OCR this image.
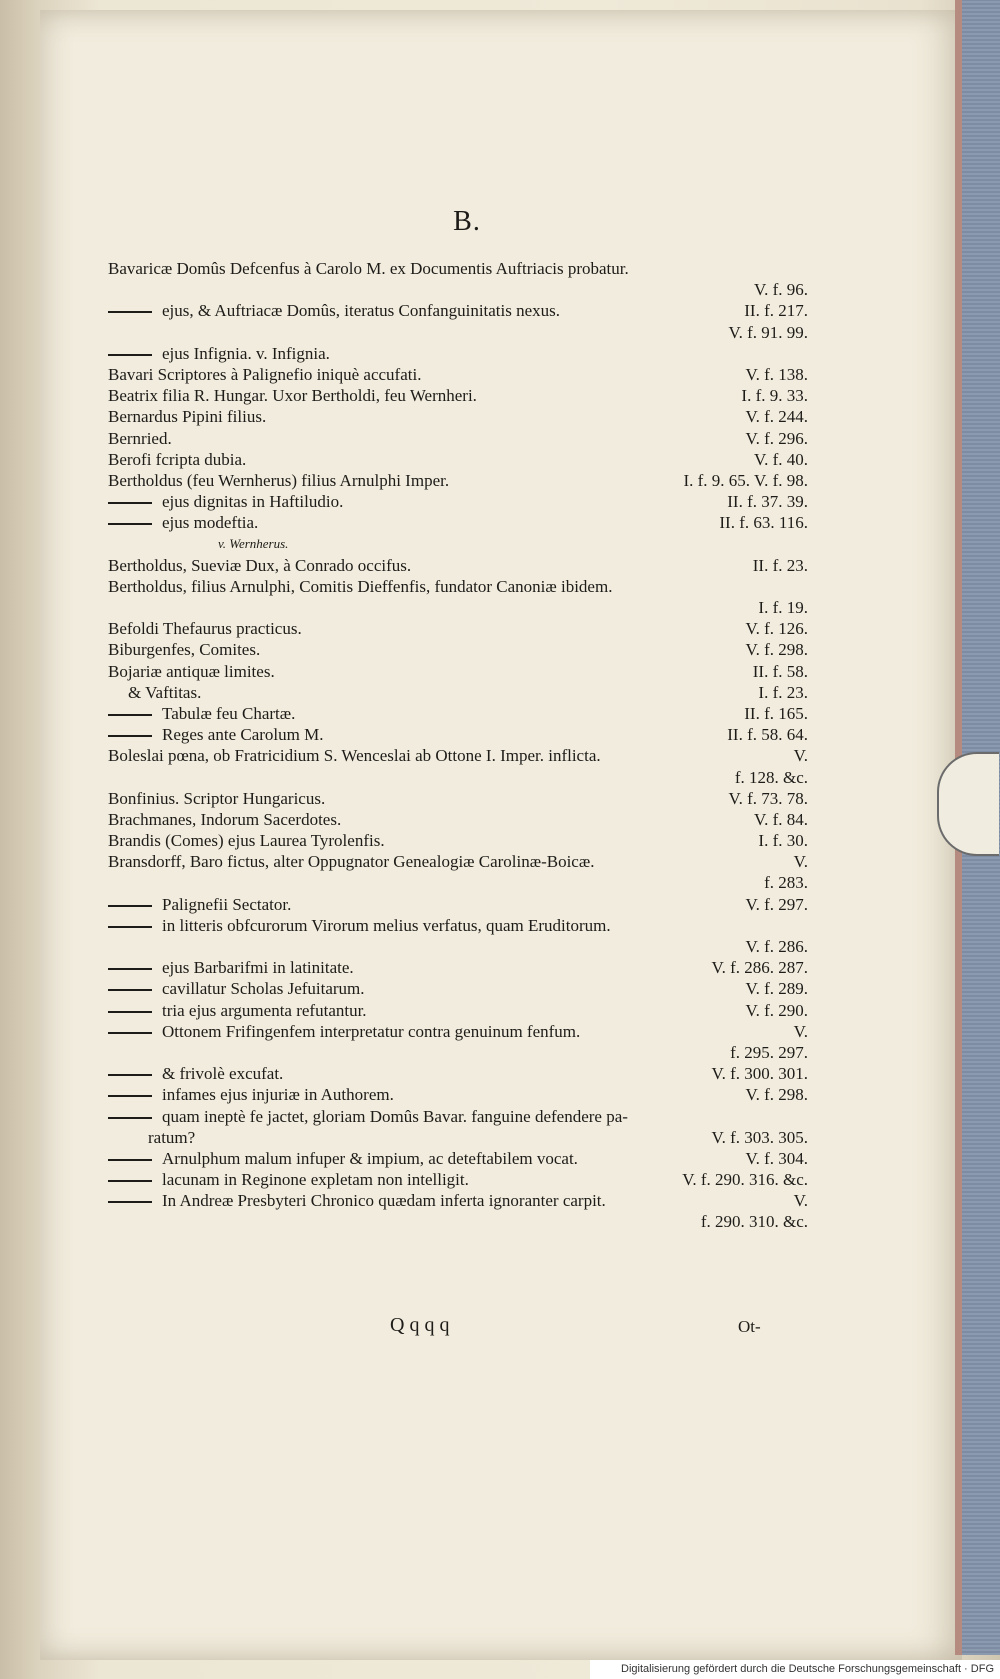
B.
Bavaricæ Domûs Defcenfus à Carolo M. ex Documentis Auftriacis probatur.
V. f. 96.
ejus, & Auftriacæ Domûs, iteratus Confanguinitatis nexus.	II. f. 217.
V. f. 91. 99.
ejus Infignia. v. Infignia.
Bavari Scriptores à Palignefio iniquè accufati.	V. f. 138.
Beatrix filia R. Hungar. Uxor Bertholdi, feu Wernheri.	I. f. 9. 33.
Bernardus Pipini filius.	V. f. 244.
Bernried.	V. f. 296.
Berofi fcripta dubia.	V. f. 40.
Bertholdus (feu Wernherus) filius Arnulphi Imper.	I. f. 9. 65. V. f. 98.
ejus dignitas in Haftiludio.	II. f. 37. 39.
ejus modeftia.	II. f. 63. 116.
v. Wernherus.
Bertholdus, Sueviæ Dux, à Conrado occifus.	II. f. 23.
Bertholdus, filius Arnulphi, Comitis Dieffenfis, fundator Canoniæ ibidem.
I. f. 19.
Befoldi Thefaurus practicus.	V. f. 126.
Biburgenfes, Comites.	V. f. 298.
Bojariæ antiquæ limites.	II. f. 58.
& Vaftitas.	I. f. 23.
Tabulæ feu Chartæ.	II. f. 165.
Reges ante Carolum M.	II. f. 58. 64.
Boleslai pœna, ob Fratricidium S. Wenceslai ab Ottone I. Imper. inflicta.	V.
f. 128. &c.
Bonfinius. Scriptor Hungaricus.	V. f. 73. 78.
Brachmanes, Indorum Sacerdotes.	V. f. 84.
Brandis (Comes) ejus Laurea Tyrolenfis.	I. f. 30.
Bransdorff, Baro fictus, alter Oppugnator Genealogiæ Carolinæ-Boicæ.	V.
f. 283.
Palignefii Sectator.	V. f. 297.
in litteris obfcurorum Virorum melius verfatus, quam Eruditorum.
V. f. 286.
ejus Barbarifmi in latinitate.	V. f. 286. 287.
cavillatur Scholas Jefuitarum.	V. f. 289.
tria ejus argumenta refutantur.	V. f. 290.
Ottonem Frifingenfem interpretatur contra genuinum fenfum.	V.
f. 295. 297.
& frivolè excufat.	V. f. 300. 301.
infames ejus injuriæ in Authorem.	V. f. 298.
quam ineptè fe jactet, gloriam Domûs Bavar. fanguine defendere pa-
ratum?	V. f. 303. 305.
Arnulphum malum infuper & impium, ac deteftabilem vocat.	V. f. 304.
lacunam in Reginone expletam non intelligit.	V. f. 290. 316. &c.
In Andreæ Presbyteri Chronico quædam inferta ignoranter carpit.	V.
f. 290. 310. &c.
Q q q q	Ot-
Digitalisierung gefördert durch die Deutsche Forschungsgemeinschaft · DFG
